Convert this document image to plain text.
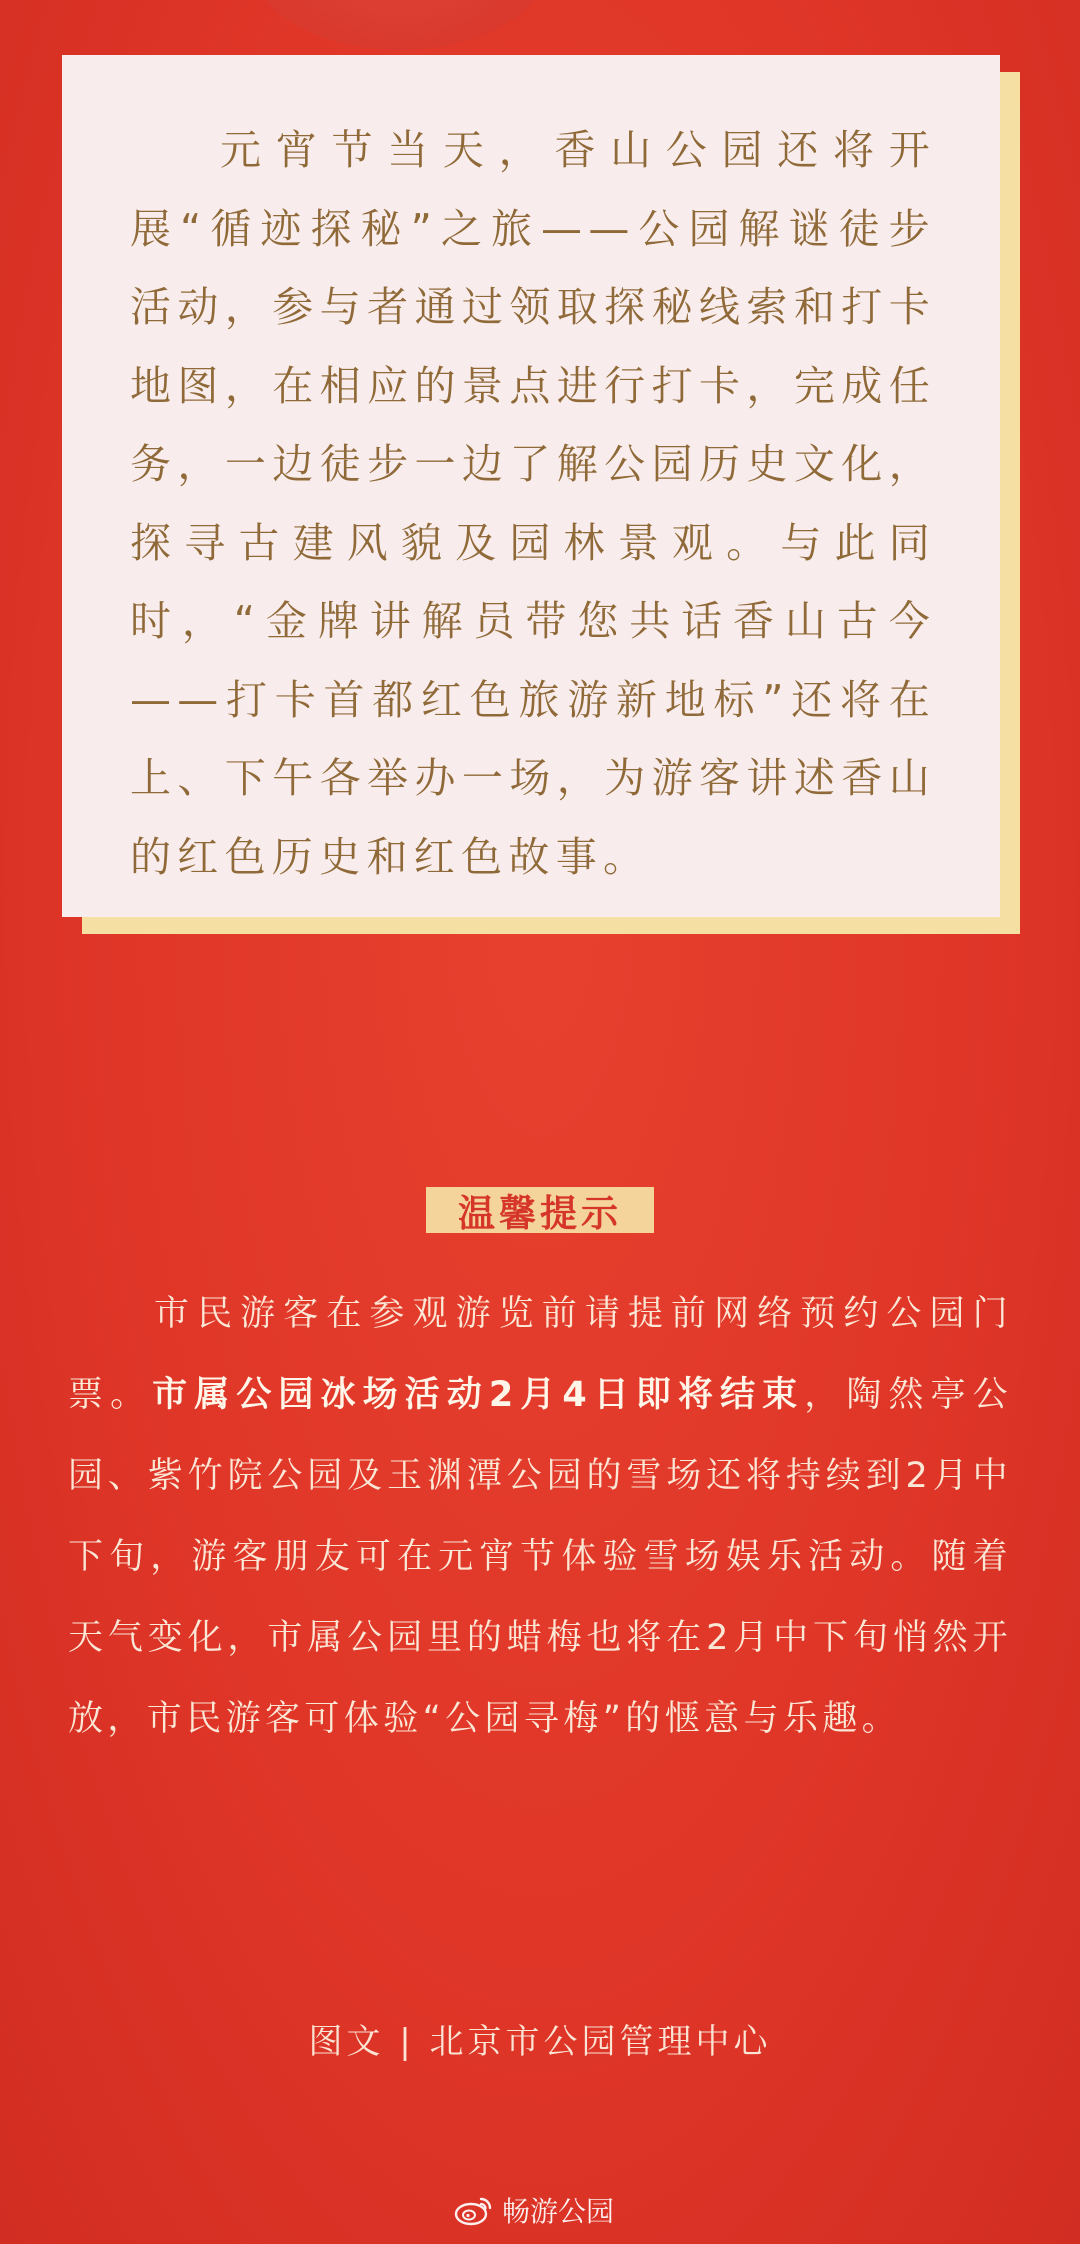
元宵节当天，香山公园还将开展“循迹探秘”之旅——公园解谜徒步活动，参与者通过领取探秘线索和打卡地图，在相应的景点进行打卡，完成任务，一边徒步一边了解公园历史文化，探寻古建风貌及园林景观。与此同时，“金牌讲解员带您共话香山古今——打卡首都红色旅游新地标”还将在上、下午各举办一场，为游客讲述香山的红色历史和红色故事。

温馨提示

市民游客在参观游览前请提前网络预约公园门票。市属公园冰场活动2月4日即将结束，陶然亭公园、紫竹院公园及玉渊潭公园的雪场还将持续到2月中下旬，游客朋友可在元宵节体验雪场娱乐活动。随着天气变化，市属公园里的蜡梅也将在2月中下旬悄然开放，市民游客可体验“公园寻梅”的惬意与乐趣。

图文 | 北京市公园管理中心
畅游公园
